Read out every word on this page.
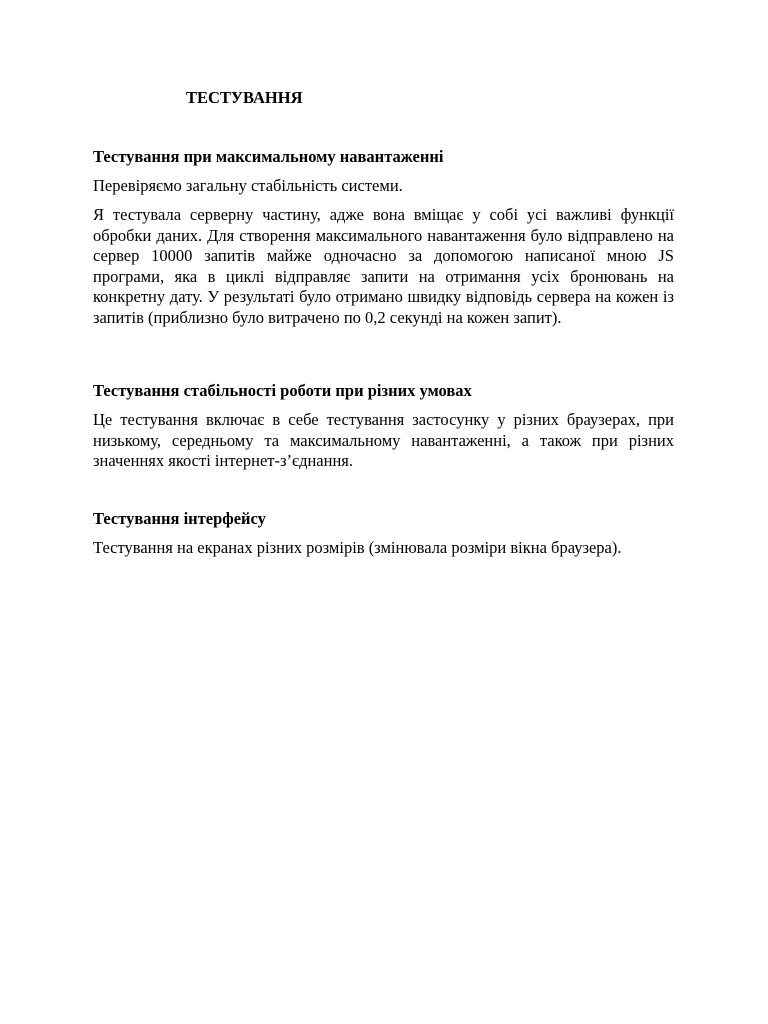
ТЕСТУВАННЯ
Тестування при максимальному навантаженні

Перевіряємо загальну стабільність системи.

Я тестувала серверну частину, адже вона вміщає у собі усі важливі функції обробки даних. Для створення максимального навантаження було відправлено на сервер 10000 запитів майже одночасно за допомогою написаної мною JS програми, яка в циклі відправляє запити на отримання усіх бронювань на конкретну дату. У результаті було отримано швидку відповідь сервера на кожен із запитів (приблизно було витрачено по 0,2 секунді на кожен запит).

Тестування стабільності роботи при різних умовах

Це тестування включає в себе тестування застосунку у різних браузерах, при низькому, середньому та максимальному навантаженні, а також при різних значеннях якості інтернет-з’єднання.

Тестування інтерфейсу

Тестування на екранах різних розмірів (змінювала розміри вікна браузера).
